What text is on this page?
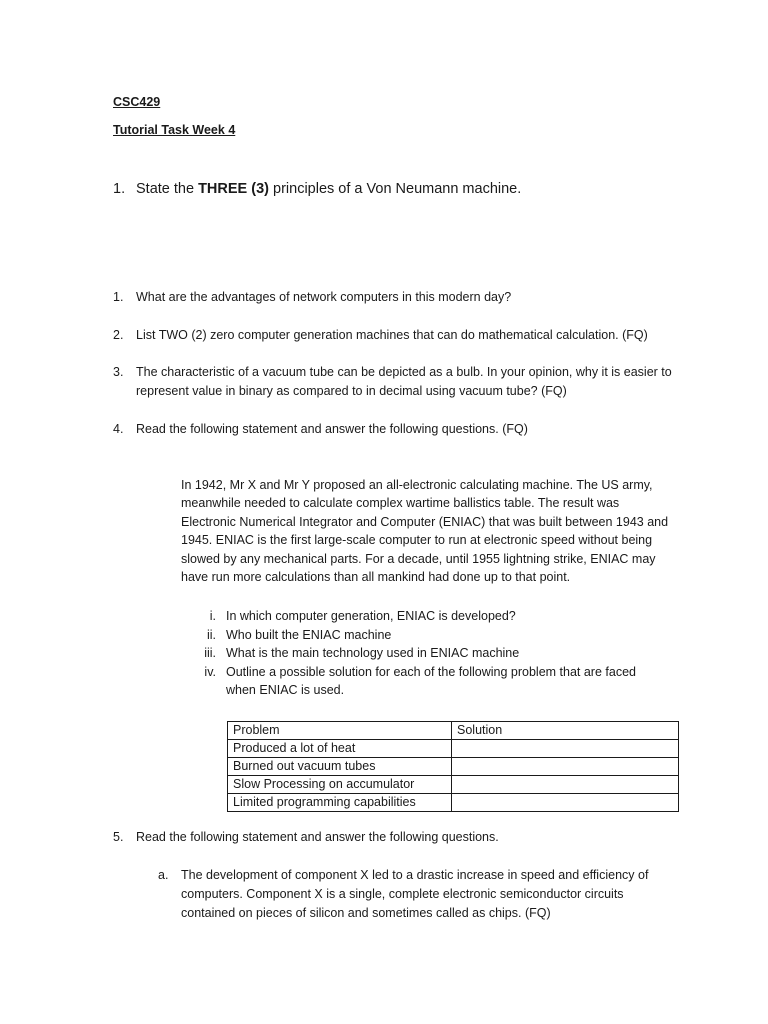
CSC429
Tutorial Task Week 4
1. State the THREE (3) principles of a Von Neumann machine.
1. What are the advantages of network computers in this modern day?
2. List TWO (2) zero computer generation machines that can do mathematical calculation. (FQ)
3. The characteristic of a vacuum tube can be depicted as a bulb. In your opinion, why it is easier to
represent value in binary as compared to in decimal using vacuum tube? (FQ)
4. Read the following statement and answer the following questions. (FQ)
In 1942, Mr X and Mr Y proposed an all-electronic calculating machine. The US army,
meanwhile needed to calculate complex wartime ballistics table. The result was
Electronic Numerical Integrator and Computer (ENIAC) that was built between 1943 and
1945. ENIAC is the first large-scale computer to run at electronic speed without being
slowed by any mechanical parts. For a decade, until 1955 lightning strike, ENIAC may
have run more calculations than all mankind had done up to that point.
i. In which computer generation, ENIAC is developed?
ii. Who built the ENIAC machine
iii. What is the main technology used in ENIAC machine
iv. Outline a possible solution for each of the following problem that are faced
when ENIAC is used.
Problem	Solution
Produced a lot of heat	
Burned out vacuum tubes	
Slow Processing on accumulator	
Limited programming capabilities	
5. Read the following statement and answer the following questions.
a. The development of component X led to a drastic increase in speed and efficiency of
computers. Component X is a single, complete electronic semiconductor circuits
contained on pieces of silicon and sometimes called as chips. (FQ)
